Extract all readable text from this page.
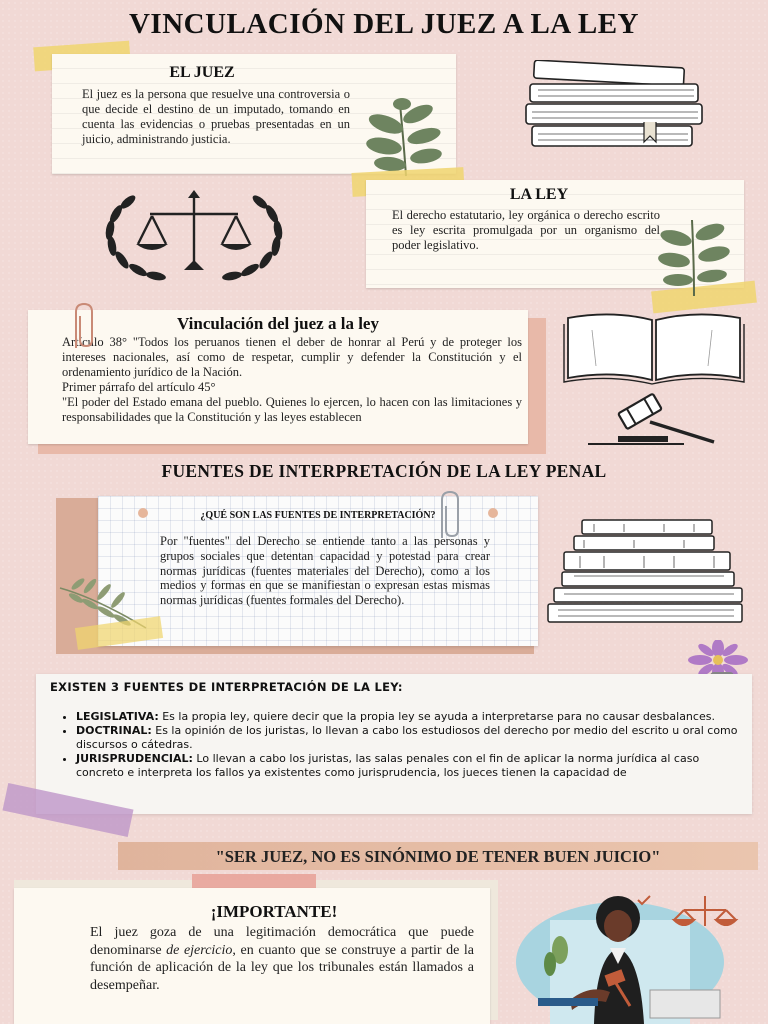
VINCULACIÓN DEL JUEZ A LA LEY
EL JUEZ
El juez es la persona que resuelve una controversia o que decide el destino de un imputado, tomando en cuenta las evidencias o pruebas presentadas en un juicio, administrando justicia.
LA LEY
El derecho estatutario, ley orgánica o derecho escrito es ley escrita promulgada por un organismo del poder legislativo.
Vinculación del juez a la ley
Artículo 38° "Todos los peruanos tienen el deber de honrar al Perú y de proteger los intereses nacionales, así como de respetar, cumplir y defender la Constitución y el ordenamiento jurídico de la Nación.
Primer párrafo del artículo 45°
"El poder del Estado emana del pueblo. Quienes lo ejercen, lo hacen con las limitaciones y responsabilidades que la Constitución y las leyes establecen
FUENTES DE INTERPRETACIÓN DE LA LEY PENAL
¿QUÉ SON LAS FUENTES DE INTERPRETACIÓN?
Por "fuentes" del Derecho se entiende tanto a las personas y grupos sociales que detentan capacidad y potestad para crear normas jurídicas (fuentes materiales del Derecho), como a los medios y formas en que se manifiestan o expresan estas mismas normas jurídicas (fuentes formales del Derecho).
EXISTEN 3 FUENTES DE INTERPRETACIÓN DE LA LEY:
• LEGISLATIVA: Es la propia ley, quiere decir que la propia ley se ayuda a interpretarse para no causar desbalances.
• DOCTRINAL: Es la opinión de los juristas, lo llevan a cabo los estudiosos del derecho por medio del escrito u oral como discursos o cátedras.
• JURISPRUDENCIAL: Lo llevan a cabo los juristas, las salas penales con el fin de aplicar la norma jurídica al caso concreto e interpreta los fallos ya existentes como jurisprudencia, los jueces tienen la capacidad de
"SER JUEZ, NO ES SINÓNIMO DE TENER BUEN JUICIO"
¡IMPORTANTE!
El juez goza de una legitimación democrática que puede denominarse de ejercicio, en cuanto que se construye a partir de la función de aplicación de la ley que los tribunales están llamados a desempeñar.
